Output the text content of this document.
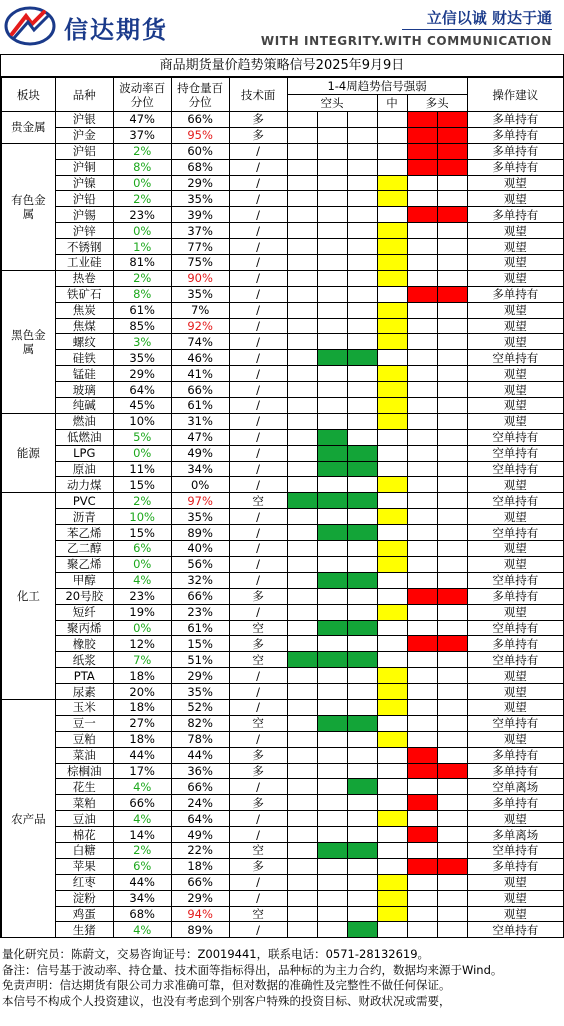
信达期货	立信以诚 财达于通
WITH INTEGRITY.WITH COMMUNICATION
商品期货量价趋势策略信号2025年9月9日
板块	品种	波动率百分位	持仓量百分位	技术面	1-4周趋势信号强弱						操作建议
					空头			中	多头		
贵金属	沪银	47%	66%	多							多单持有
	沪金	37%	95%	多							多单持有
有色金属	沪铝	2%	60%	/							多单持有
	沪铜	8%	68%	/							多单持有
	沪镍	0%	29%	/							观望
	沪铅	2%	35%	/							观望
	沪锡	23%	39%	/							多单持有
	沪锌	0%	37%	/							观望
	不锈钢	1%	77%	/							观望
	工业硅	81%	75%	/							观望
黑色金属	热卷	2%	90%	/							观望
	铁矿石	8%	35%	/							多单持有
	焦炭	61%	7%	/							观望
	焦煤	85%	92%	/							观望
	螺纹	3%	74%	/							观望
	硅铁	35%	46%	/							空单持有
	锰硅	29%	41%	/							观望
	玻璃	64%	66%	/							观望
	纯碱	45%	61%	/							观望
能源	燃油	10%	31%	/							观望
	低燃油	5%	47%	/							空单持有
	LPG	0%	49%	/							空单持有
	原油	11%	34%	/							空单持有
	动力煤	15%	0%	/							观望
化工	PVC	2%	97%	空							空单持有
	沥青	10%	35%	/							观望
	苯乙烯	15%	89%	/							空单持有
	乙二醇	6%	40%	/							观望
	聚乙烯	0%	56%	/							观望
	甲醇	4%	32%	/							空单持有
	20号胶	23%	66%	多							多单持有
	短纤	19%	23%	/							观望
	聚丙烯	0%	61%	空							空单持有
	橡胶	12%	15%	多							多单持有
	纸浆	7%	51%	空							空单持有
	PTA	18%	29%	/							观望
	尿素	20%	35%	/							观望
农产品	玉米	18%	52%	/							观望
	豆一	27%	82%	空							空单持有
	豆粕	18%	78%	/							观望
	菜油	44%	44%	多							多单持有
	棕榈油	17%	36%	多							多单持有
	花生	4%	66%	/							空单离场
	菜粕	66%	24%	多							多单持有
	豆油	4%	64%	/							观望
	棉花	14%	49%	/							多单离场
	白糖	2%	22%	空							空单持有
	苹果	6%	18%	多							多单持有
	红枣	44%	66%	/							观望
	淀粉	34%	29%	/							观望
	鸡蛋	68%	94%	空							观望
	生猪	4%	89%	/							空单持有
量化研究员：陈蔚文，交易咨询证号：Z0019441，联系电话：0571-28132619。
备注：信号基于波动率、持仓量、技术面等指标得出，品种标的为主力合约，数据均来源于Wind。
免责声明：信达期货有限公司力求准确可靠，但对数据的准确性及完整性不做任何保证。
本信号不构成个人投资建议，也没有考虑到个别客户特殊的投资目标、财政状况或需要，
